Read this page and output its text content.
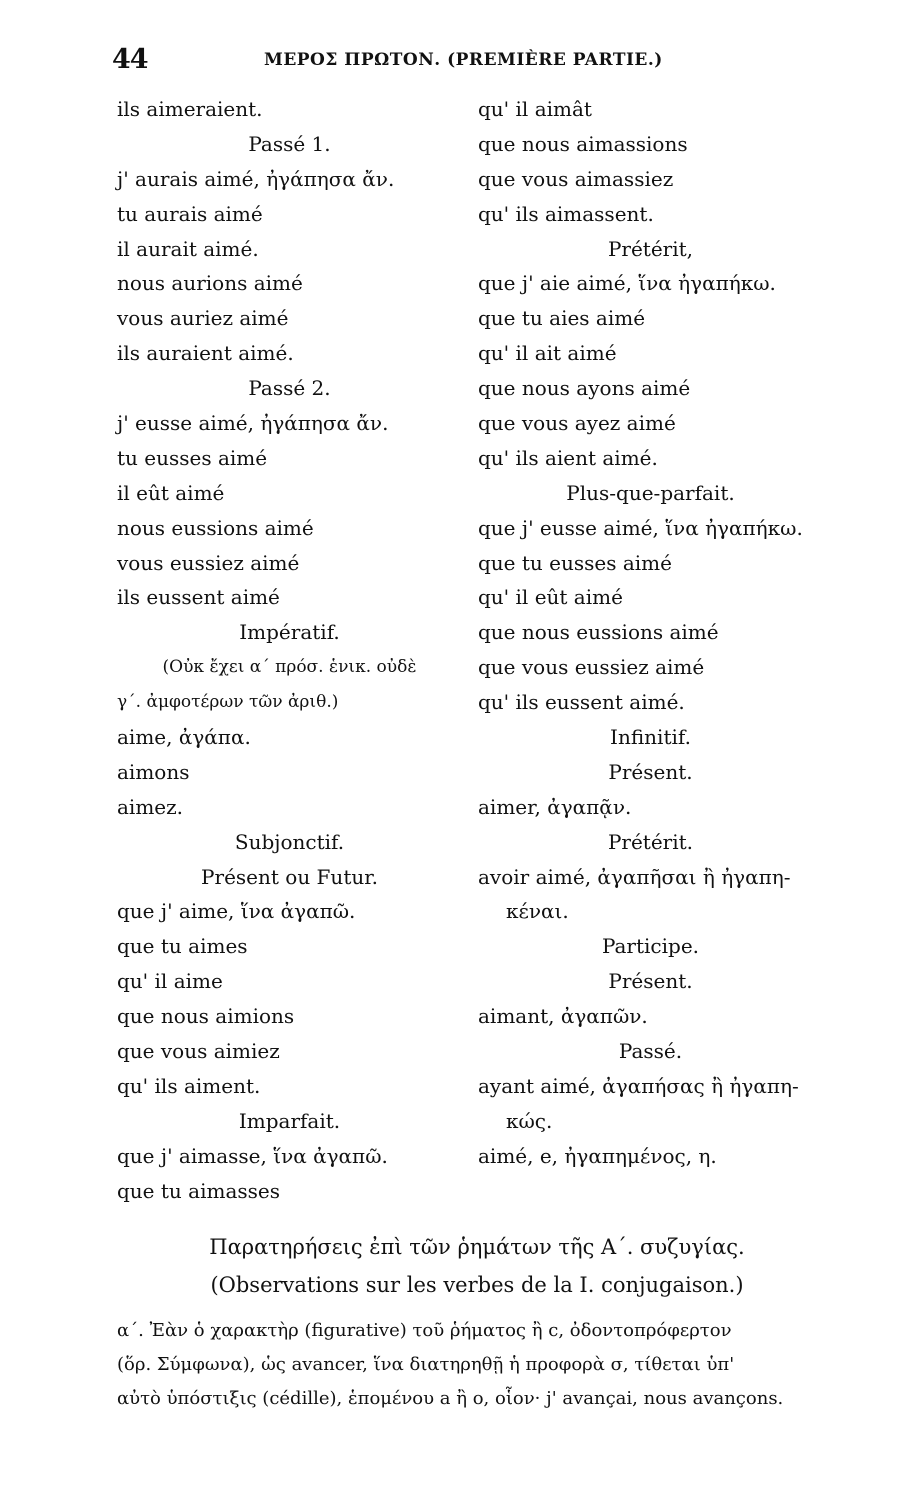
44	ΜΕΡΟΣ ΠΡΩΤΟΝ. (PREMIÈRE PARTIE.)
ils aimeraient.
Passé 1.
j' aurais aimé, ἠγάπησα ἄν.
tu aurais aimé
il aurait aimé.
nous aurions aimé
vous auriez aimé
ils auraient aimé.
Passé 2.
j' eusse aimé, ἠγάπησα ἄν.
tu eusses aimé
il eût aimé
nous eussions aimé
vous eussiez aimé
ils eussent aimé
Impératif.
(Οὐκ ἔχει α΄ πρόσ. ἑνικ. οὐδὲ
γ΄. ἀμφοτέρων τῶν ἀριθ.)
aime, ἀγάπα.
aimons
aimez.
Subjonctif.
Présent ou Futur.
que j' aime, ἵνα ἀγαπῶ.
que tu aimes
qu' il aime
que nous aimions
que vous aimiez
qu' ils aiment.
Imparfait.
que j' aimasse, ἵνα ἀγαπῶ.
que tu aimasses
qu' il aimât
que nous aimassions
que vous aimassiez
qu' ils aimassent.
Prétérit,
que j' aie aimé, ἵνα ἠγαπήκω.
que tu aies aimé
qu' il ait aimé
que nous ayons aimé
que vous ayez aimé
qu' ils aient aimé.
Plus-que-parfait.
que j' eusse aimé, ἵνα ἠγαπήκω.
que tu eusses aimé
qu' il eût aimé
que nous eussions aimé
que vous eussiez aimé
qu' ils eussent aimé.
Infinitif.
Présent.
aimer, ἀγαπᾷν.
Prétérit.
avoir aimé, ἀγαπῆσαι ἢ ἠγαπη-
κέναι.
Participe.
Présent.
aimant, ἀγαπῶν.
Passé.
ayant aimé, ἀγαπήσας ἢ ἠγαπη-
κώς.
aimé, e, ἠγαπημένος, η.
Παρατηρήσεις ἐπὶ τῶν ῥημάτων τῆς Α΄. συζυγίας.
(Observations sur les verbes de la I. conjugaison.)
α΄. Ἐὰν ὁ χαρακτὴρ (figurative) τοῦ ῥήματος ἢ c, ὀδοντοπρόφερτον
(ὅρ. Σύμφωνα), ὡς avancer, ἵνα διατηρηθῇ ἡ προφορὰ σ, τίθεται ὑπ'
αὐτὸ ὑπόστιξις (cédille), ἑπομένου a ἢ o, οἷον· j' avançai, nous avançons.
